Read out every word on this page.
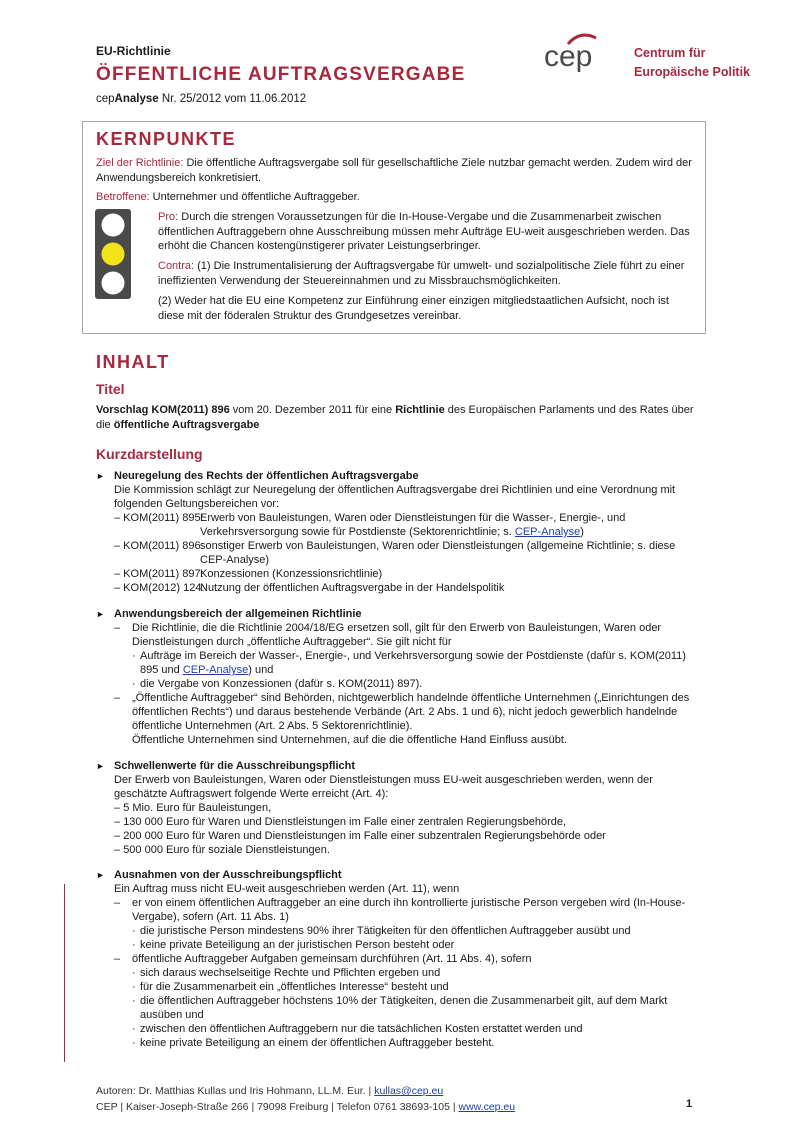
EU-Richtlinie
ÖFFENTLICHE AUFTRAGSVERGABE
cepAnalyse Nr. 25/2012 vom 11.06.2012
cep	Centrum für
Europäische Politik
KERNPUNKTE
Ziel der Richtlinie: Die öffentliche Auftragsvergabe soll für gesellschaftliche Ziele nutzbar gemacht werden. Zudem wird der Anwendungsbereich konkretisiert.
Betroffene: Unternehmer und öffentliche Auftraggeber.
Pro: Durch die strengen Voraussetzungen für die In-House-Vergabe und die Zusammenarbeit zwischen öffentlichen Auftraggebern ohne Ausschreibung müssen mehr Aufträge EU-weit ausgeschrieben werden. Das erhöht die Chancen kostengünstigerer privater Leistungserbringer.
Contra: (1) Die Instrumentalisierung der Auftragsvergabe für umwelt- und sozialpolitische Ziele führt zu einer ineffizienten Verwendung der Steuereinnahmen und zu Missbrauchsmöglichkeiten.
(2) Weder hat die EU eine Kompetenz zur Einführung einer einzigen mitgliedstaatlichen Aufsicht, noch ist diese mit der föderalen Struktur des Grundgesetzes vereinbar.
INHALT
Titel
Vorschlag KOM(2011) 896 vom 20. Dezember 2011 für eine Richtlinie des Europäischen Parlaments und des Rates über die öffentliche Auftragsvergabe
Kurzdarstellung
► Neuregelung des Rechts der öffentlichen Auftragsvergabe
Die Kommission schlägt zur Neuregelung der öffentlichen Auftragsvergabe drei Richtlinien und eine Verordnung mit folgenden Geltungsbereichen vor:
– KOM(2011) 895:
Erwerb von Bauleistungen, Waren oder Dienstleistungen für die Wasser-, Energie-, und Verkehrsversorgung sowie für Postdienste (Sektorenrichtlinie; s. CEP-Analyse)
– KOM(2011) 896:
sonstiger Erwerb von Bauleistungen, Waren oder Dienstleistungen (allgemeine Richtlinie; s. diese CEP-Analyse)
– KOM(2011) 897:
Konzessionen (Konzessionsrichtlinie)
– KOM(2012) 124:
Nutzung der öffentlichen Auftragsvergabe in der Handelspolitik
► Anwendungsbereich der allgemeinen Richtlinie
– Die Richtlinie, die die Richtlinie 2004/18/EG ersetzen soll, gilt für den Erwerb von Bauleistungen, Waren oder Dienstleistungen durch „öffentliche Auftraggeber“. Sie gilt nicht für
· Aufträge im Bereich der Wasser-, Energie-, und Verkehrsversorgung sowie der Postdienste (dafür s. KOM(2011) 895 und CEP-Analyse) und
· die Vergabe von Konzessionen (dafür s. KOM(2011) 897).
– „Öffentliche Auftraggeber“ sind Behörden, nichtgewerblich handelnde öffentliche Unternehmen („Einrichtungen des öffentlichen Rechts“) und daraus bestehende Verbände (Art. 2 Abs. 1 und 6), nicht jedoch gewerblich handelnde öffentliche Unternehmen (Art. 2 Abs. 5 Sektorenrichtlinie).
Öffentliche Unternehmen sind Unternehmen, auf die die öffentliche Hand Einfluss ausübt.
► Schwellenwerte für die Ausschreibungspflicht
Der Erwerb von Bauleistungen, Waren oder Dienstleistungen muss EU-weit ausgeschrieben werden, wenn der geschätzte Auftragswert folgende Werte erreicht (Art. 4):
– 5 Mio. Euro für Bauleistungen,
– 130 000 Euro für Waren und Dienstleistungen im Falle einer zentralen Regierungsbehörde,
– 200 000 Euro für Waren und Dienstleistungen im Falle einer subzentralen Regierungsbehörde oder
– 500 000 Euro für soziale Dienstleistungen.
► Ausnahmen von der Ausschreibungspflicht
Ein Auftrag muss nicht EU-weit ausgeschrieben werden (Art. 11), wenn
– er von einem öffentlichen Auftraggeber an eine durch ihn kontrollierte juristische Person vergeben wird (In-House-Vergabe), sofern (Art. 11 Abs. 1)
· die juristische Person mindestens 90% ihrer Tätigkeiten für den öffentlichen Auftraggeber ausübt und
· keine private Beteiligung an der juristischen Person besteht oder
– öffentliche Auftraggeber Aufgaben gemeinsam durchführen (Art. 11 Abs. 4), sofern
· sich daraus wechselseitige Rechte und Pflichten ergeben und
· für die Zusammenarbeit ein „öffentliches Interesse“ besteht und
· die öffentlichen Auftraggeber höchstens 10% der Tätigkeiten, denen die Zusammenarbeit gilt, auf dem Markt ausüben und
· zwischen den öffentlichen Auftraggebern nur die tatsächlichen Kosten erstattet werden und
· keine private Beteiligung an einem der öffentlichen Auftraggeber besteht.
Autoren: Dr. Matthias Kullas und Iris Hohmann, LL.M. Eur. | kullas@cep.eu
CEP | Kaiser-Joseph-Straße 266 | 79098 Freiburg | Telefon 0761 38693-105 | www.cep.eu	1
